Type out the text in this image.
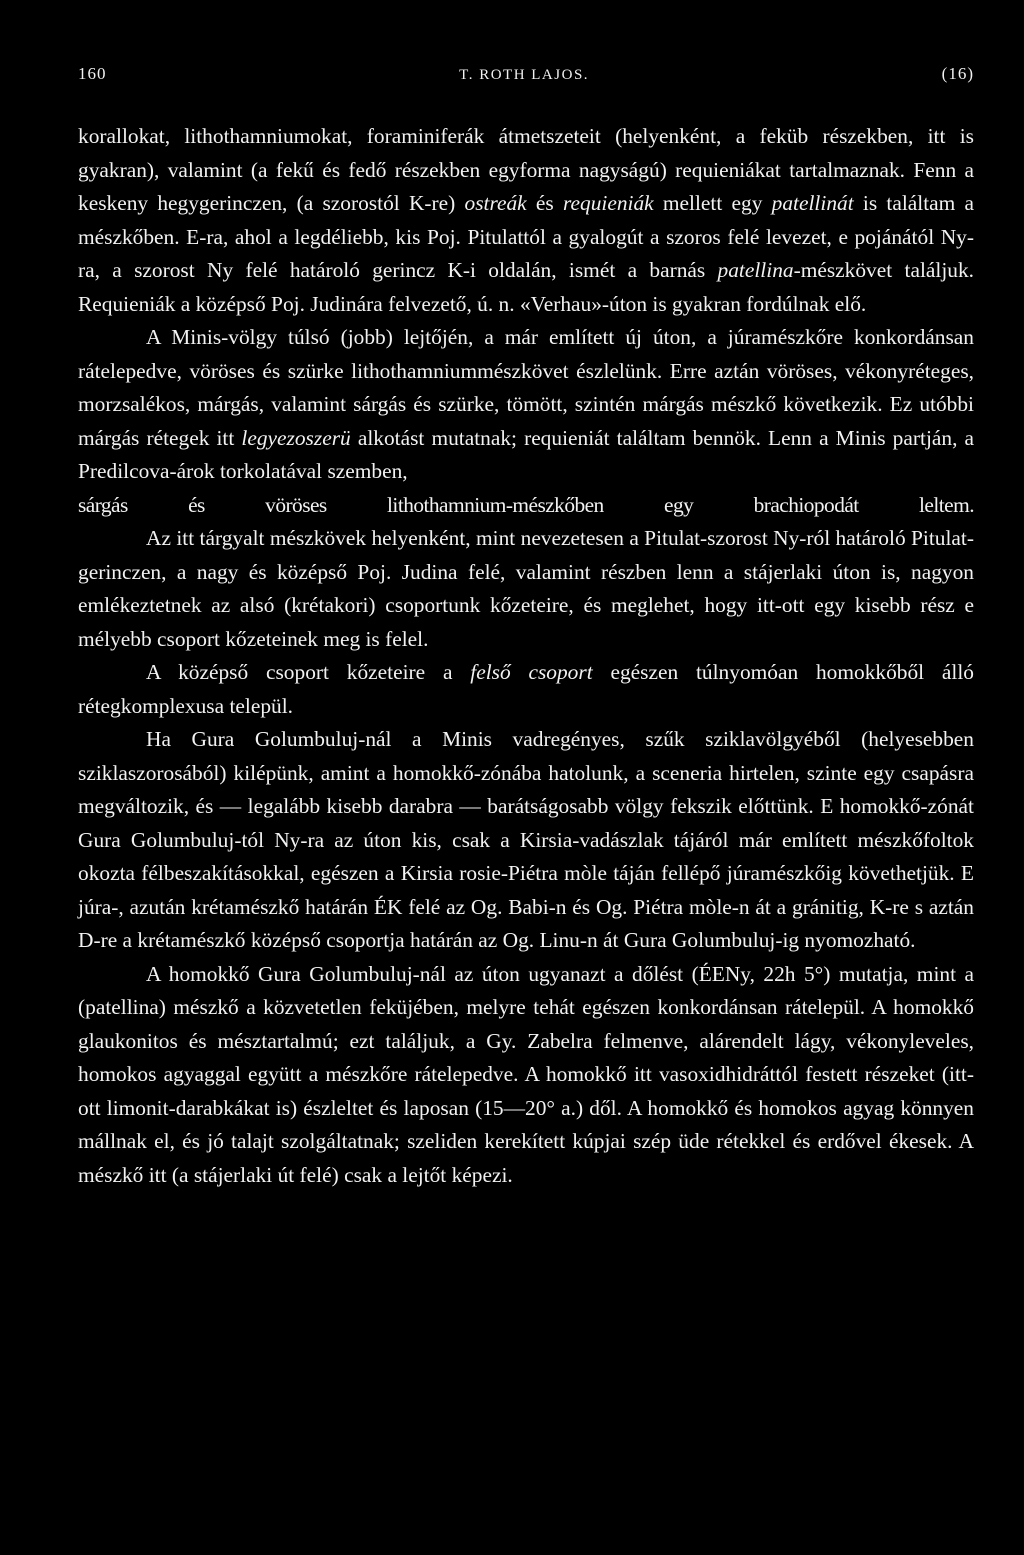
160	T. ROTH LAJOS.	(16)

korallokat, lithothamniumokat, foraminiferák átmetszeteit (helyenként, a feküb részekben, itt is gyakran), valamint (a fekű és fedő részekben egyforma nagyságú) requieniákat tartalmaznak. Fenn a keskeny hegygerinczen, (a szorostól K-re) ostreák és requieniák mellett egy patellinát is találtam a mészkőben. E-ra, ahol a legdéliebb, kis Poj. Pitulattól a gyalogút a szoros felé levezet, e pojánától Ny-ra, a szorost Ny felé határoló gerincz K-i oldalán, ismét a barnás patellina-mészkövet találjuk. Requieniák a középső Poj. Judinára felvezető, ú. n. «Verhau»-úton is gyakran fordúlnak elő.

A Minis-völgy túlsó (jobb) lejtőjén, a már említett új úton, a júramészkőre konkordánsan rátelepedve, vöröses és szürke lithothamniummészkövet észlelünk. Erre aztán vöröses, vékonyréteges, morzsalékos, márgás, valamint sárgás és szürke, tömött, szintén márgás mészkő következik. Ez utóbbi márgás rétegek itt legyezoszerü alkotást mutatnak; requieniát találtam bennök. Lenn a Minis partján, a Predilcova-árok torkolatával szemben,

sárgás és vöröses lithothamnium-mészkőben egy brachiopodát leltem.

Az itt tárgyalt mészkövek helyenként, mint nevezetesen a Pitulat-szorost Ny-ról határoló Pitulat-gerinczen, a nagy és középső Poj. Judina felé, valamint részben lenn a stájerlaki úton is, nagyon emlékeztetnek az alsó (krétakori) csoportunk kőzeteire, és meglehet, hogy itt-ott egy kisebb rész e mélyebb csoport kőzeteinek meg is felel.

A középső csoport kőzeteire a felső csoport egészen túlnyomóan homokkőből álló rétegkomplexusa települ.

Ha Gura Golumbuluj-nál a Minis vadregényes, szűk sziklavölgyéből (helyesebben sziklaszorosából) kilépünk, amint a homokkő-zónába hatolunk, a sceneria hirtelen, szinte egy csapásra megváltozik, és — legalább kisebb darabra — barátságosabb völgy fekszik előttünk. E homokkő-zónát Gura Golumbuluj-tól Ny-ra az úton kis, csak a Kirsia-vadászlak tájáról már említett mészkőfoltok okozta félbeszakításokkal, egészen a Kirsia rosie-Piétra mòle táján fellépő júramészkőig követhetjük. E júra-, azután krétamészkő határán ÉK felé az Og. Babi-n és Og. Piétra mòle-n át a gránitig, K-re s aztán D-re a krétamészkő középső csoportja határán az Og. Linu-n át Gura Golumbuluj-ig nyomozható.

A homokkő Gura Golumbuluj-nál az úton ugyanazt a dőlést (ÉENy, 22h 5°) mutatja, mint a (patellina) mészkő a közvetetlen feküjében, melyre tehát egészen konkordánsan rátelepül. A homokkő glaukonitos és mésztartalmú; ezt találjuk, a Gy. Zabelra felmenve, alárendelt lágy, vékonyleveles, homokos agyaggal együtt a mészkőre rátelepedve. A homokkő itt vasoxidhidráttól festett részeket (itt-ott limonit-darabkákat is) észleltet és laposan (15—20° a.) dől. A homokkő és homokos agyag könnyen mállnak el, és jó talajt szolgáltatnak; szeliden kerekített kúpjai szép üde rétekkel és erdővel ékesek. A mészkő itt (a stájerlaki út felé) csak a lejtőt képezi.
